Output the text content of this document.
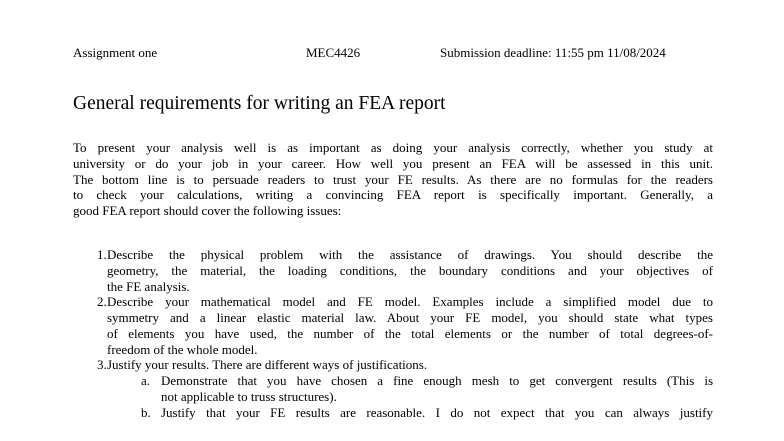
Assignment one	MEC4426	Submission deadline: 11:55 pm 11/08/2024
General requirements for writing an FEA report
To present your analysis well is as important as doing your analysis correctly, whether you study at
university or do your job in your career. How well you present an FEA will be assessed in this unit.
The bottom line is to persuade readers to trust your FE results. As there are no formulas for the readers
to check your calculations, writing a convincing FEA report is specifically important. Generally, a
good FEA report should cover the following issues:
1. Describe the physical problem with the assistance of drawings. You should describe the
geometry, the material, the loading conditions, the boundary conditions and your objectives of
the FE analysis.
2. Describe your mathematical model and FE model. Examples include a simplified model due to
symmetry and a linear elastic material law. About your FE model, you should state what types
of elements you have used, the number of the total elements or the number of total degrees-of-
freedom of the whole model.
3. Justify your results. There are different ways of justifications.
a. Demonstrate that you have chosen a fine enough mesh to get convergent results (This is
not applicable to truss structures).
b. Justify that your FE results are reasonable. I do not expect that you can always justify
